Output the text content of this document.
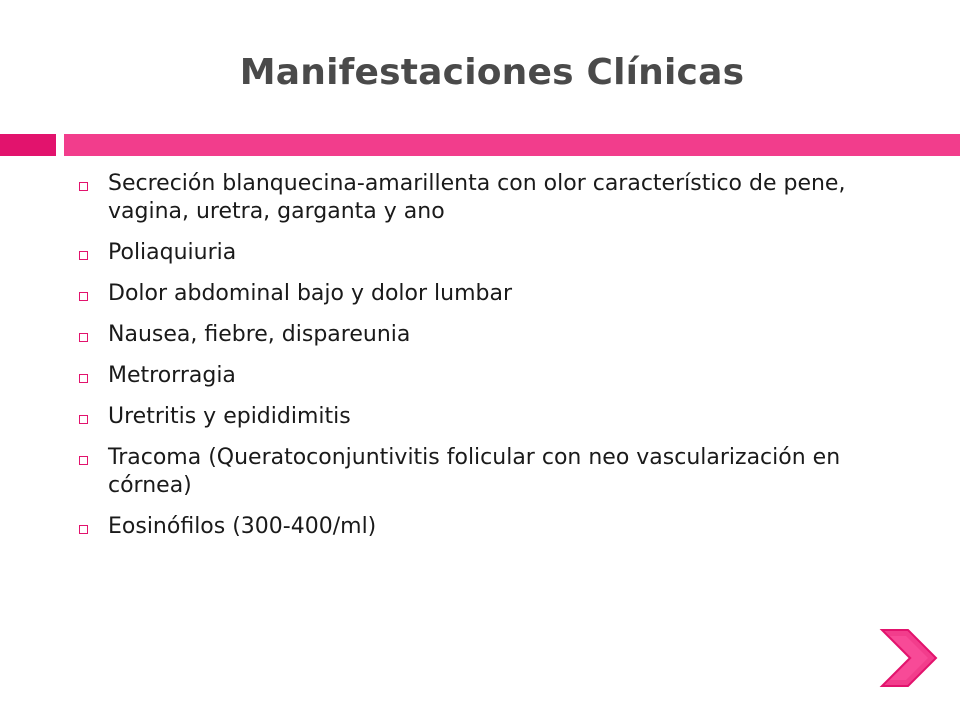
Manifestaciones Clínicas
Secreción blanquecina-amarillenta con olor característico de pene, vagina, uretra, garganta y ano
Poliaquiuria
Dolor abdominal bajo y dolor lumbar
Nausea, fiebre, dispareunia
Metrorragia
Uretritis y epididimitis
Tracoma (Queratoconjuntivitis folicular con neo vascularización en córnea)
Eosinófilos (300-400/ml)
